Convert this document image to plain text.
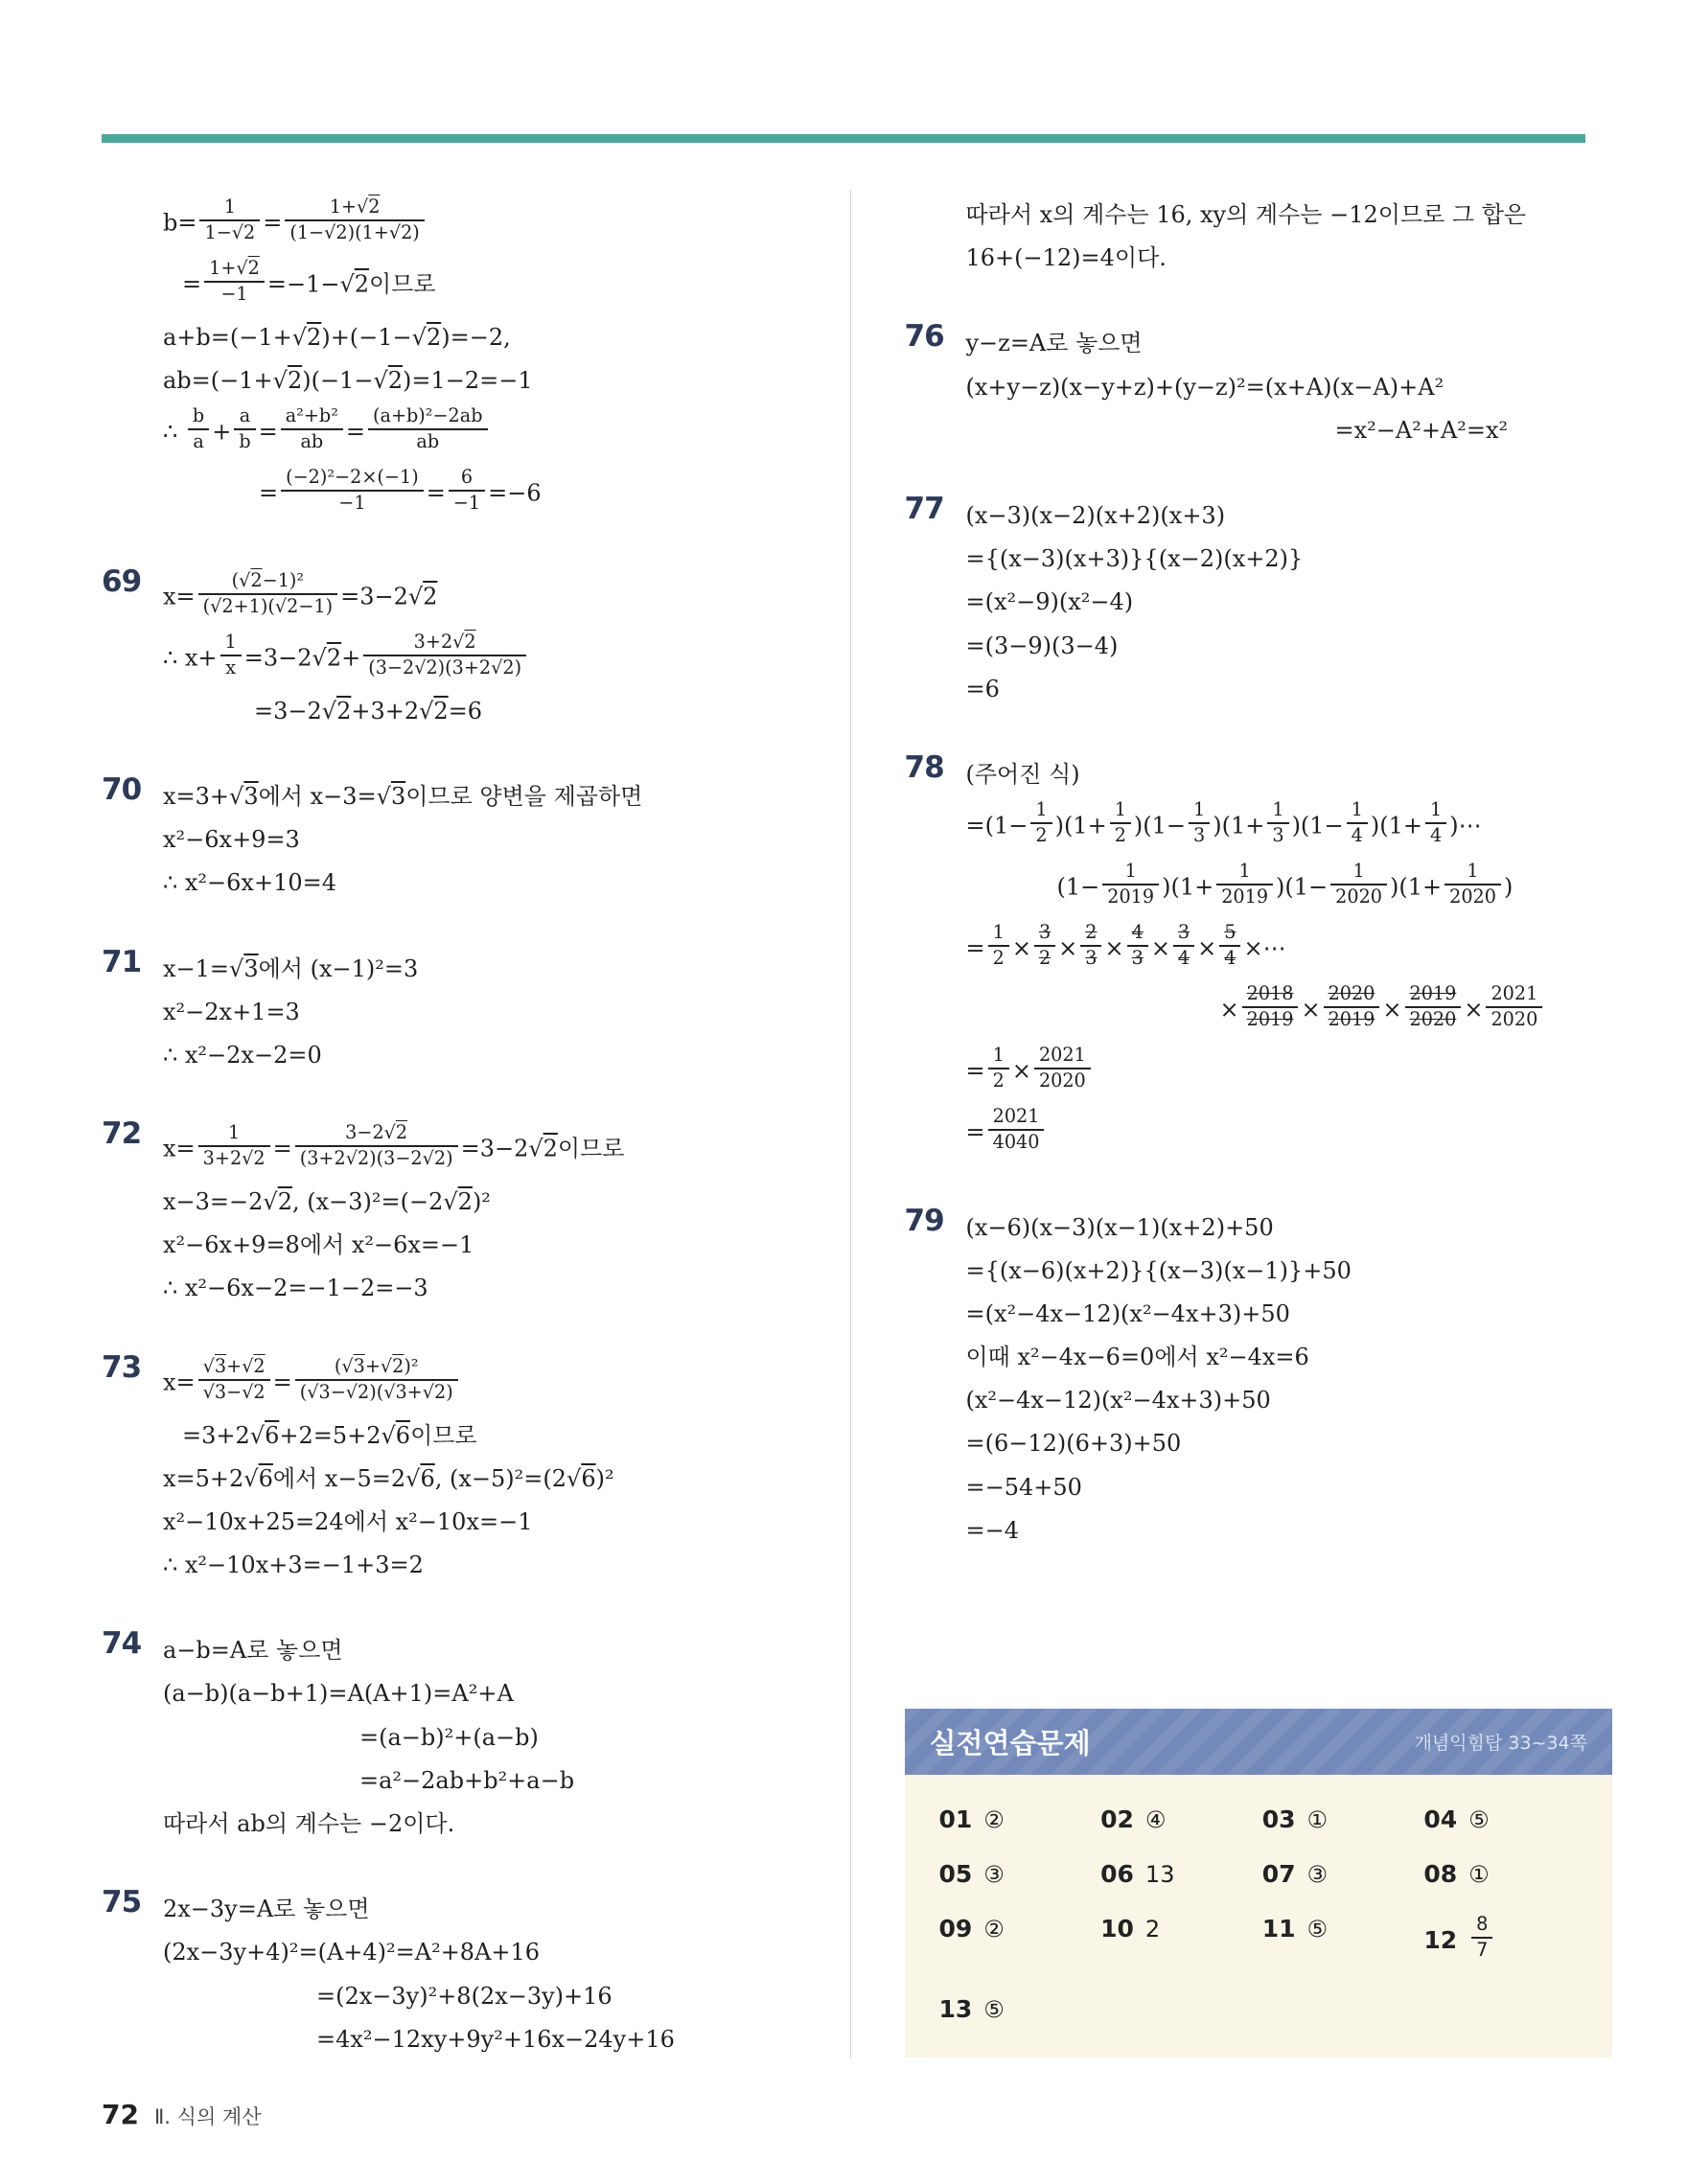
$b= \frac{1}{1-√2} = \frac{1+√2}{(1-√2)(1+√2)}$
= $\frac{1+√2}{-1} =-1-√2$이므로
a+b=(−1+√2)+(−1−√2)=−2,
ab=(−1+√2)(−1−√2)=1−2=−1
∴ $\frac{b}{a} + \frac{a}{b} = \frac{\text{a²+b²}}{ab} = \frac{\text{(a+b)²−2ab}}{ab}$
= $\frac{\text{(−2)²−2×(−1)}}{-1} = \frac{6}{-1} =-6$
69 $x= \frac{\text{(√2−1)²}}{(√2+1)(√2-1)} =3-2√2$
∴ $x+ \frac{1}{x} =3-2√2+ \frac{3+2√2}{(3-2√2)(3+2√2)}$
=3−2√2+3+2√2=6
70 x=3+√3에서 x−3=√3이므로 양변을 제곱하면
x²−6x+9=3
∴ x²−6x+10=4
71 x−1=√3에서 (x−1)²=3
x²−2x+1=3
∴ x²−2x−2=0
72 $x= \frac{1}{3+2√2} = \frac{3-2√2}{(3+2√2)(3-2√2)} =3-2√2$이므로
x−3=−2√2, (x−3)²=(−2√2)²
x²−6x+9=8에서 x²−6x=−1
∴ x²−6x−2=−1−2=−3
73 $x= \frac{√3+√2}{√3-√2} = \frac{\text{(√3+√2)²}}{(√3-√2)(√3+√2)}$
=3+2√6+2=5+2√6이므로
x=5+2√6에서 x−5=2√6, (x−5)²=(2√6)²
x²−10x+25=24에서 x²−10x=−1
∴ x²−10x+3=−1+3=2
74 a−b=A로 놓으면
(a−b)(a−b+1)=A(A+1)=A²+A
=(a−b)²+(a−b)
=a²−2ab+b²+a−b
따라서 ab의 계수는 −2이다.
75 2x−3y=A로 놓으면
(2x−3y+4)²=(A+4)²=A²+8A+16
=(2x−3y)²+8(2x−3y)+16
=4x²−12xy+9y²+16x−24y+16
따라서 x의 계수는 16, xy의 계수는 −12이므로 그 합은
16+(−12)=4이다.
76 y−z=A로 놓으면
(x+y−z)(x−y+z)+(y−z)²=(x+A)(x−A)+A²
=x²−A²+A²=x²
77 (x−3)(x−2)(x+2)(x+3)
={(x−3)(x+3)}{(x−2)(x+2)}
=(x²−9)(x²−4)
=(3−9)(3−4)
=6
78 (주어진 식)
$=(1- \frac{1}{2} )(1+ \frac{1}{2} )(1- \frac{1}{3} )(1+ \frac{1}{3} )(1- \frac{1}{4} )(1+ \frac{1}{4}$ )⋯
$(1- \frac{1}{2019} )(1+ \frac{1}{2019} )(1- \frac{1}{2020} )(1+ \frac{1}{2020}$ )
= $\frac{1}{2} \times \frac{3}{2} \times \frac{2}{3} \times \frac{4}{3} \times \frac{3}{4} \times \frac{5}{4}$ ×⋯
× $\frac{2018}{2019} \times \frac{2020}{2019} \times \frac{2019}{2020} \times \frac{2021}{2020}$
= $\frac{1}{2} \times \frac{2021}{2020}$
= $\frac{2021}{4040}$
79 (x−6)(x−3)(x−1)(x+2)+50
={(x−6)(x+2)}{(x−3)(x−1)}+50
=(x²−4x−12)(x²−4x+3)+50
이때 x²−4x−6=0에서 x²−4x=6
(x²−4x−12)(x²−4x+3)+50
=(6−12)(6+3)+50
=−54+50
=−4
실전연습문제	개념익힘탑 33~34쪽
01 ②	02 ④	03 ①	04 ⑤
05 ③	06 13	07 ③	08 ①
09 ②	10 2	11 ⑤	$12 \frac{8}{7}$
13 ⑤
72 Ⅱ. 식의 계산
